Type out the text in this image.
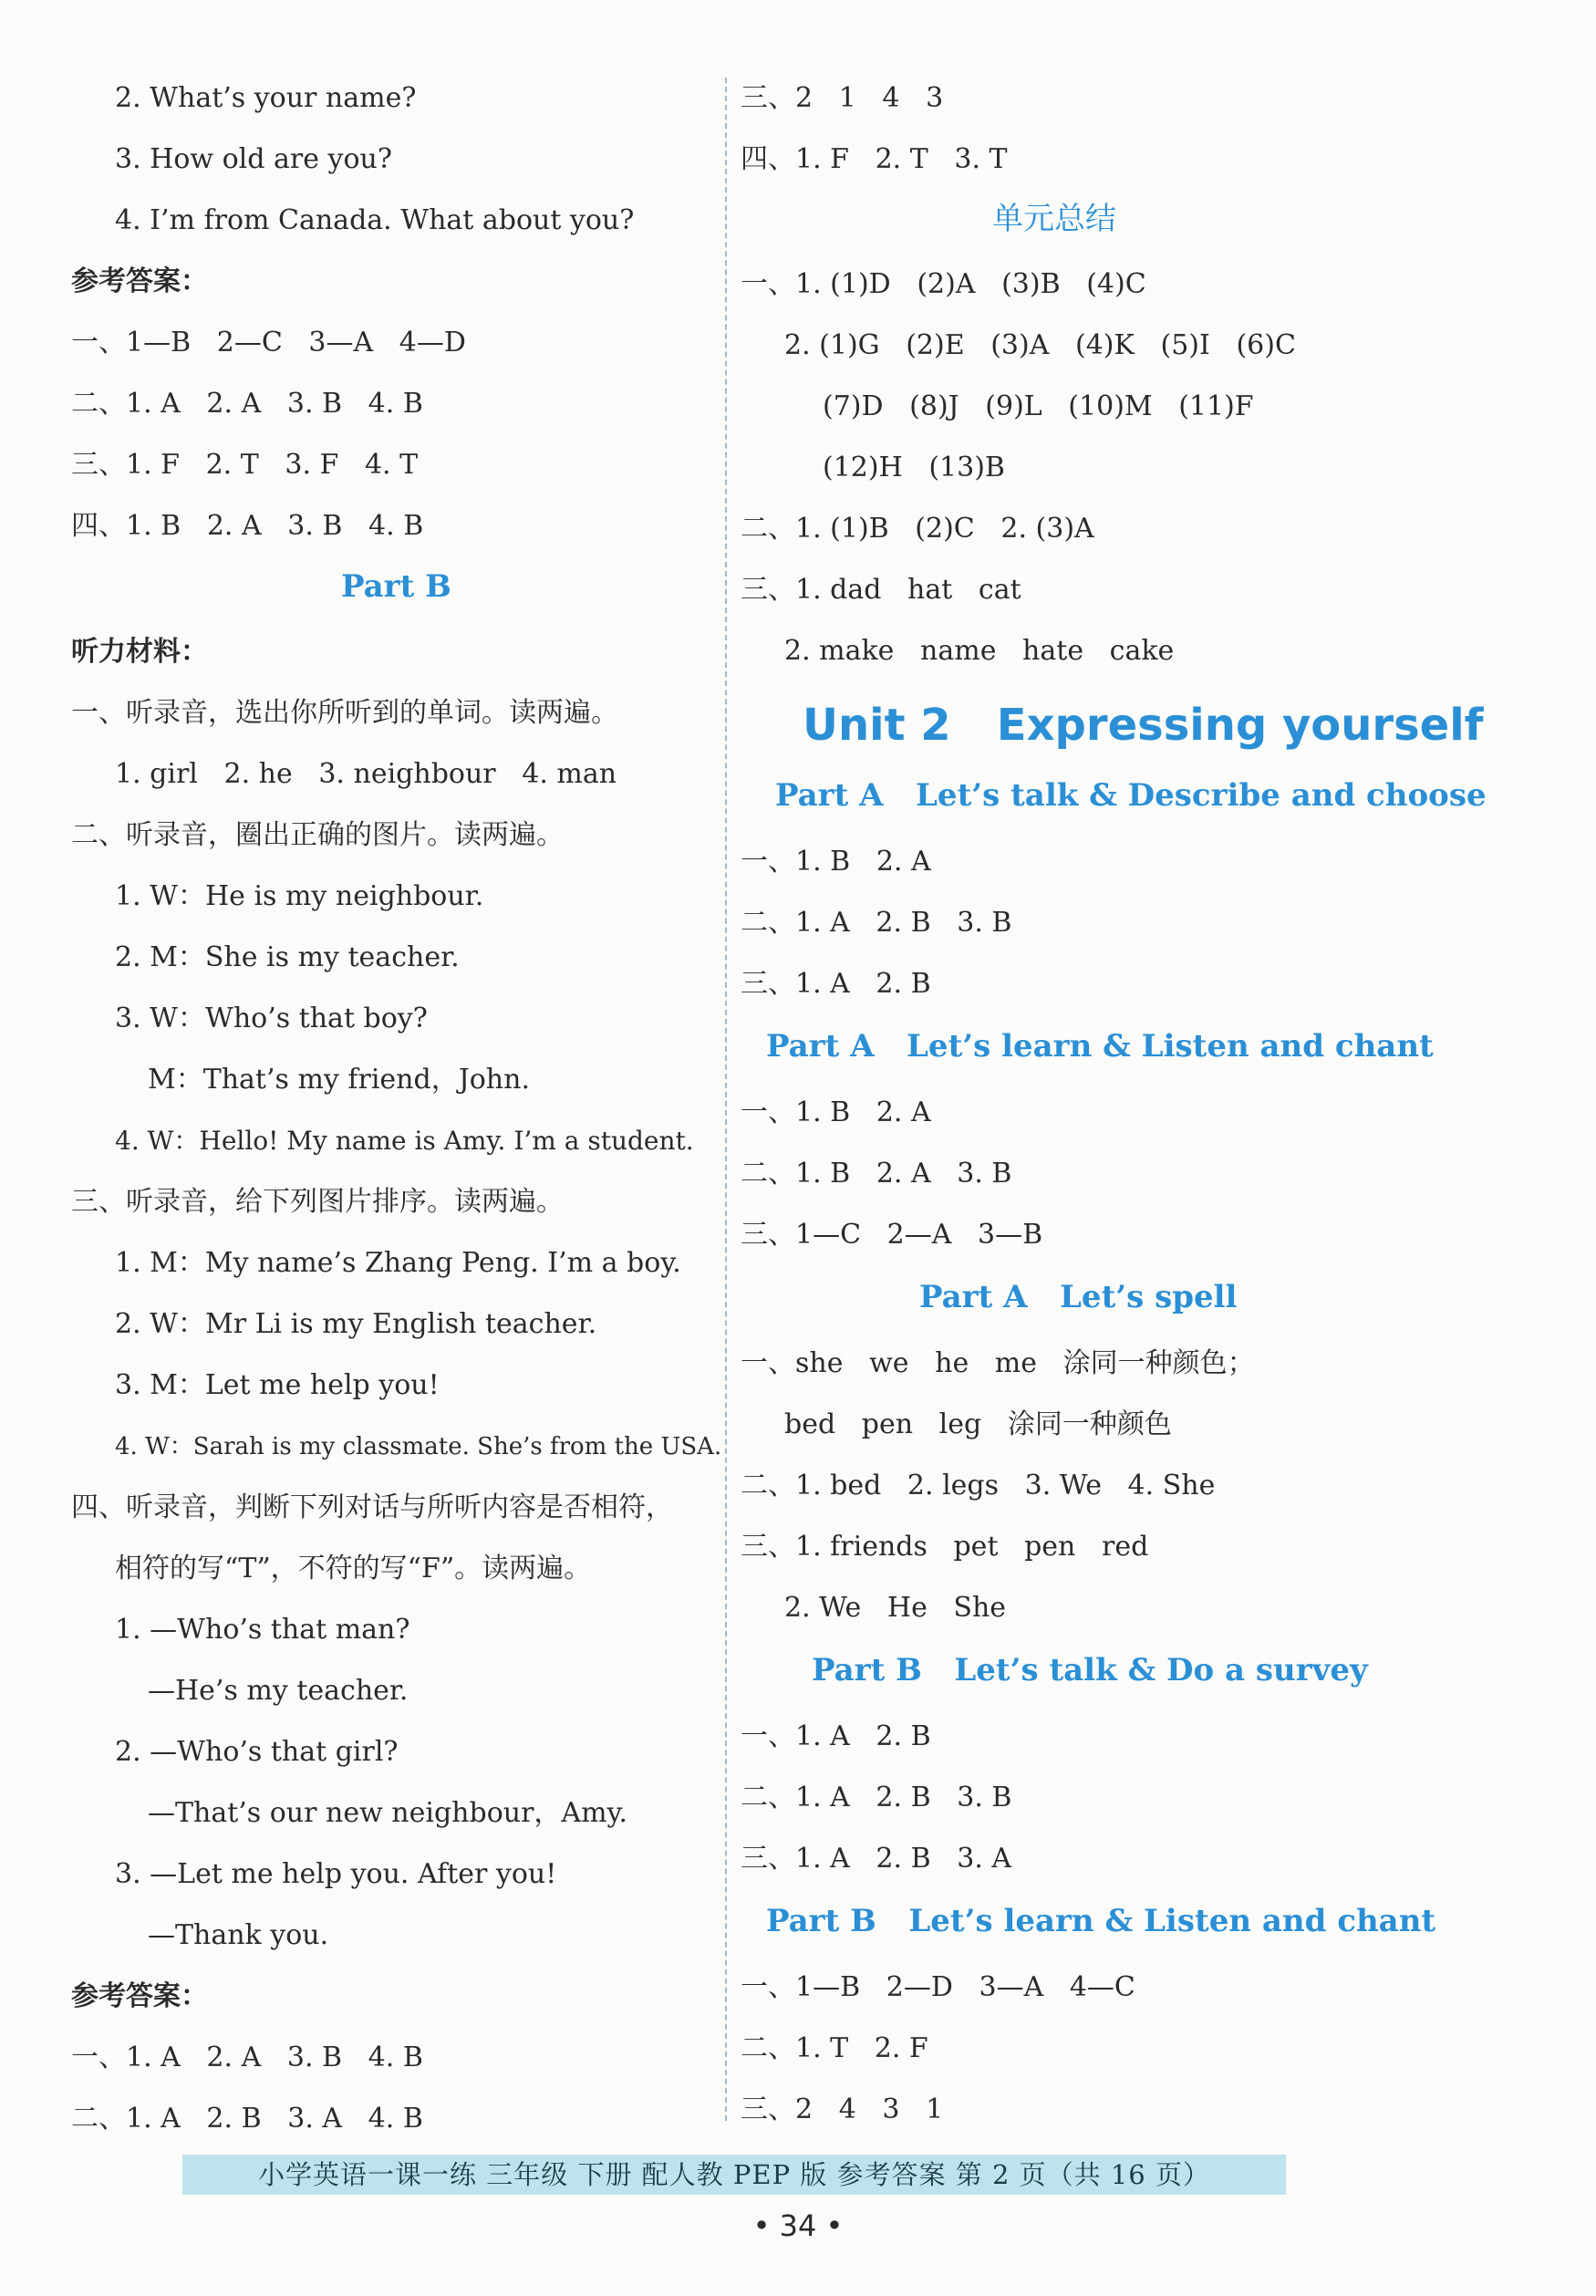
2. What’s your name?
3. How old are you?
4. I’m from Canada. What about you?
参考答案：
一、1—B   2—C   3—A   4—D
二、1. A   2. A   3. B   4. B
三、1. F   2. T   3. F   4. T
四、1. B   2. A   3. B   4. B
Part B
听力材料：
一、听录音，选出你所听到的单词。读两遍。
1. girl   2. he   3. neighbour   4. man
二、听录音，圈出正确的图片。读两遍。
1. W：He is my neighbour.
2. M：She is my teacher.
3. W：Who’s that boy?
M：That’s my friend，John.
4. W：Hello! My name is Amy. I’m a student.
三、听录音，给下列图片排序。读两遍。
1. M：My name’s Zhang Peng. I’m a boy.
2. W：Mr Li is my English teacher.
3. M：Let me help you!
4. W：Sarah is my classmate. She’s from the USA.
四、听录音，判断下列对话与所听内容是否相符，
相符的写“T”，不符的写“F”。读两遍。
1. —Who’s that man?
—He’s my teacher.
2. —Who’s that girl?
—That’s our new neighbour，Amy.
3. —Let me help you. After you!
—Thank you.
参考答案：
一、1. A   2. A   3. B   4. B
二、1. A   2. B   3. A   4. B
三、2   1   4   3
四、1. F   2. T   3. T
单元总结
一、1. (1)D   (2)A   (3)B   (4)C
2. (1)G   (2)E   (3)A   (4)K   (5)I   (6)C
(7)D   (8)J   (9)L   (10)M   (11)F
(12)H   (13)B
二、1. (1)B   (2)C   2. (3)A
三、1. dad   hat   cat
2. make   name   hate   cake
Unit 2   Expressing yourself
Part A   Let’s talk & Describe and choose
一、1. B   2. A
二、1. A   2. B   3. B
三、1. A   2. B
Part A   Let’s learn & Listen and chant
一、1. B   2. A
二、1. B   2. A   3. B
三、1—C   2—A   3—B
Part A   Let’s spell
一、she   we   he   me   涂同一种颜色；
bed   pen   leg   涂同一种颜色
二、1. bed   2. legs   3. We   4. She
三、1. friends   pet   pen   red
2. We   He   She
Part B   Let’s talk & Do a survey
一、1. A   2. B
二、1. A   2. B   3. B
三、1. A   2. B   3. A
Part B   Let’s learn & Listen and chant
一、1—B   2—D   3—A   4—C
二、1. T   2. F
三、2   4   3   1
小学英语一课一练 三年级 下册 配人教 PEP 版 参考答案 第 2 页（共 16 页）
• 34 •
